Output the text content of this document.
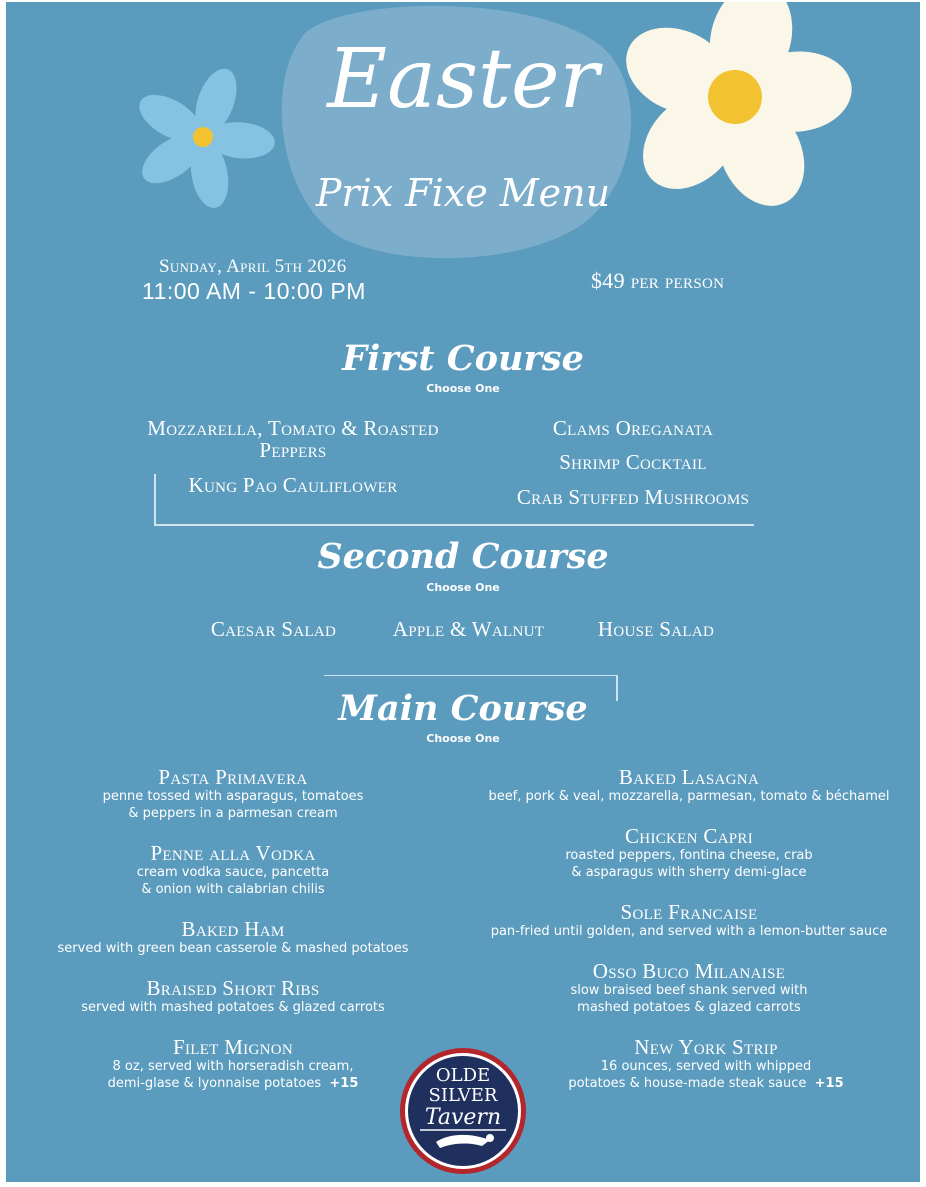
Easter
Prix Fixe Menu
Sunday, April 5th 2026
11:00 AM - 10:00 PM	$49 per person
First Course
Choose One
Mozzarella, Tomato & Roasted Peppers
Kung Pao Cauliflower
Clams Oreganata
Shrimp Cocktail
Crab Stuffed Mushrooms
Second Course
Choose One
Caesar Salad	Apple & Walnut	House Salad
Main Course
Choose One
Pasta Primavera
penne tossed with asparagus, tomatoes
& peppers in a parmesan cream
Penne alla Vodka
cream vodka sauce, pancetta
& onion with calabrian chilis
Baked Ham
served with green bean casserole & mashed potatoes
Braised Short Ribs
served with mashed potatoes & glazed carrots
Filet Mignon
8 oz, served with horseradish cream,
demi-glase & lyonnaise potatoes +15
Baked Lasagna
beef, pork & veal, mozzarella, parmesan, tomato & béchamel
Chicken Capri
roasted peppers, fontina cheese, crab
& asparagus with sherry demi-glace
Sole Francaise
pan-fried until golden, and served with a lemon-butter sauce
Osso Buco Milanaise
slow braised beef shank served with
mashed potatoes & glazed carrots
New York Strip
16 ounces, served with whipped
potatoes & house-made steak sauce +15
OLDE
SILVER
Tavern
